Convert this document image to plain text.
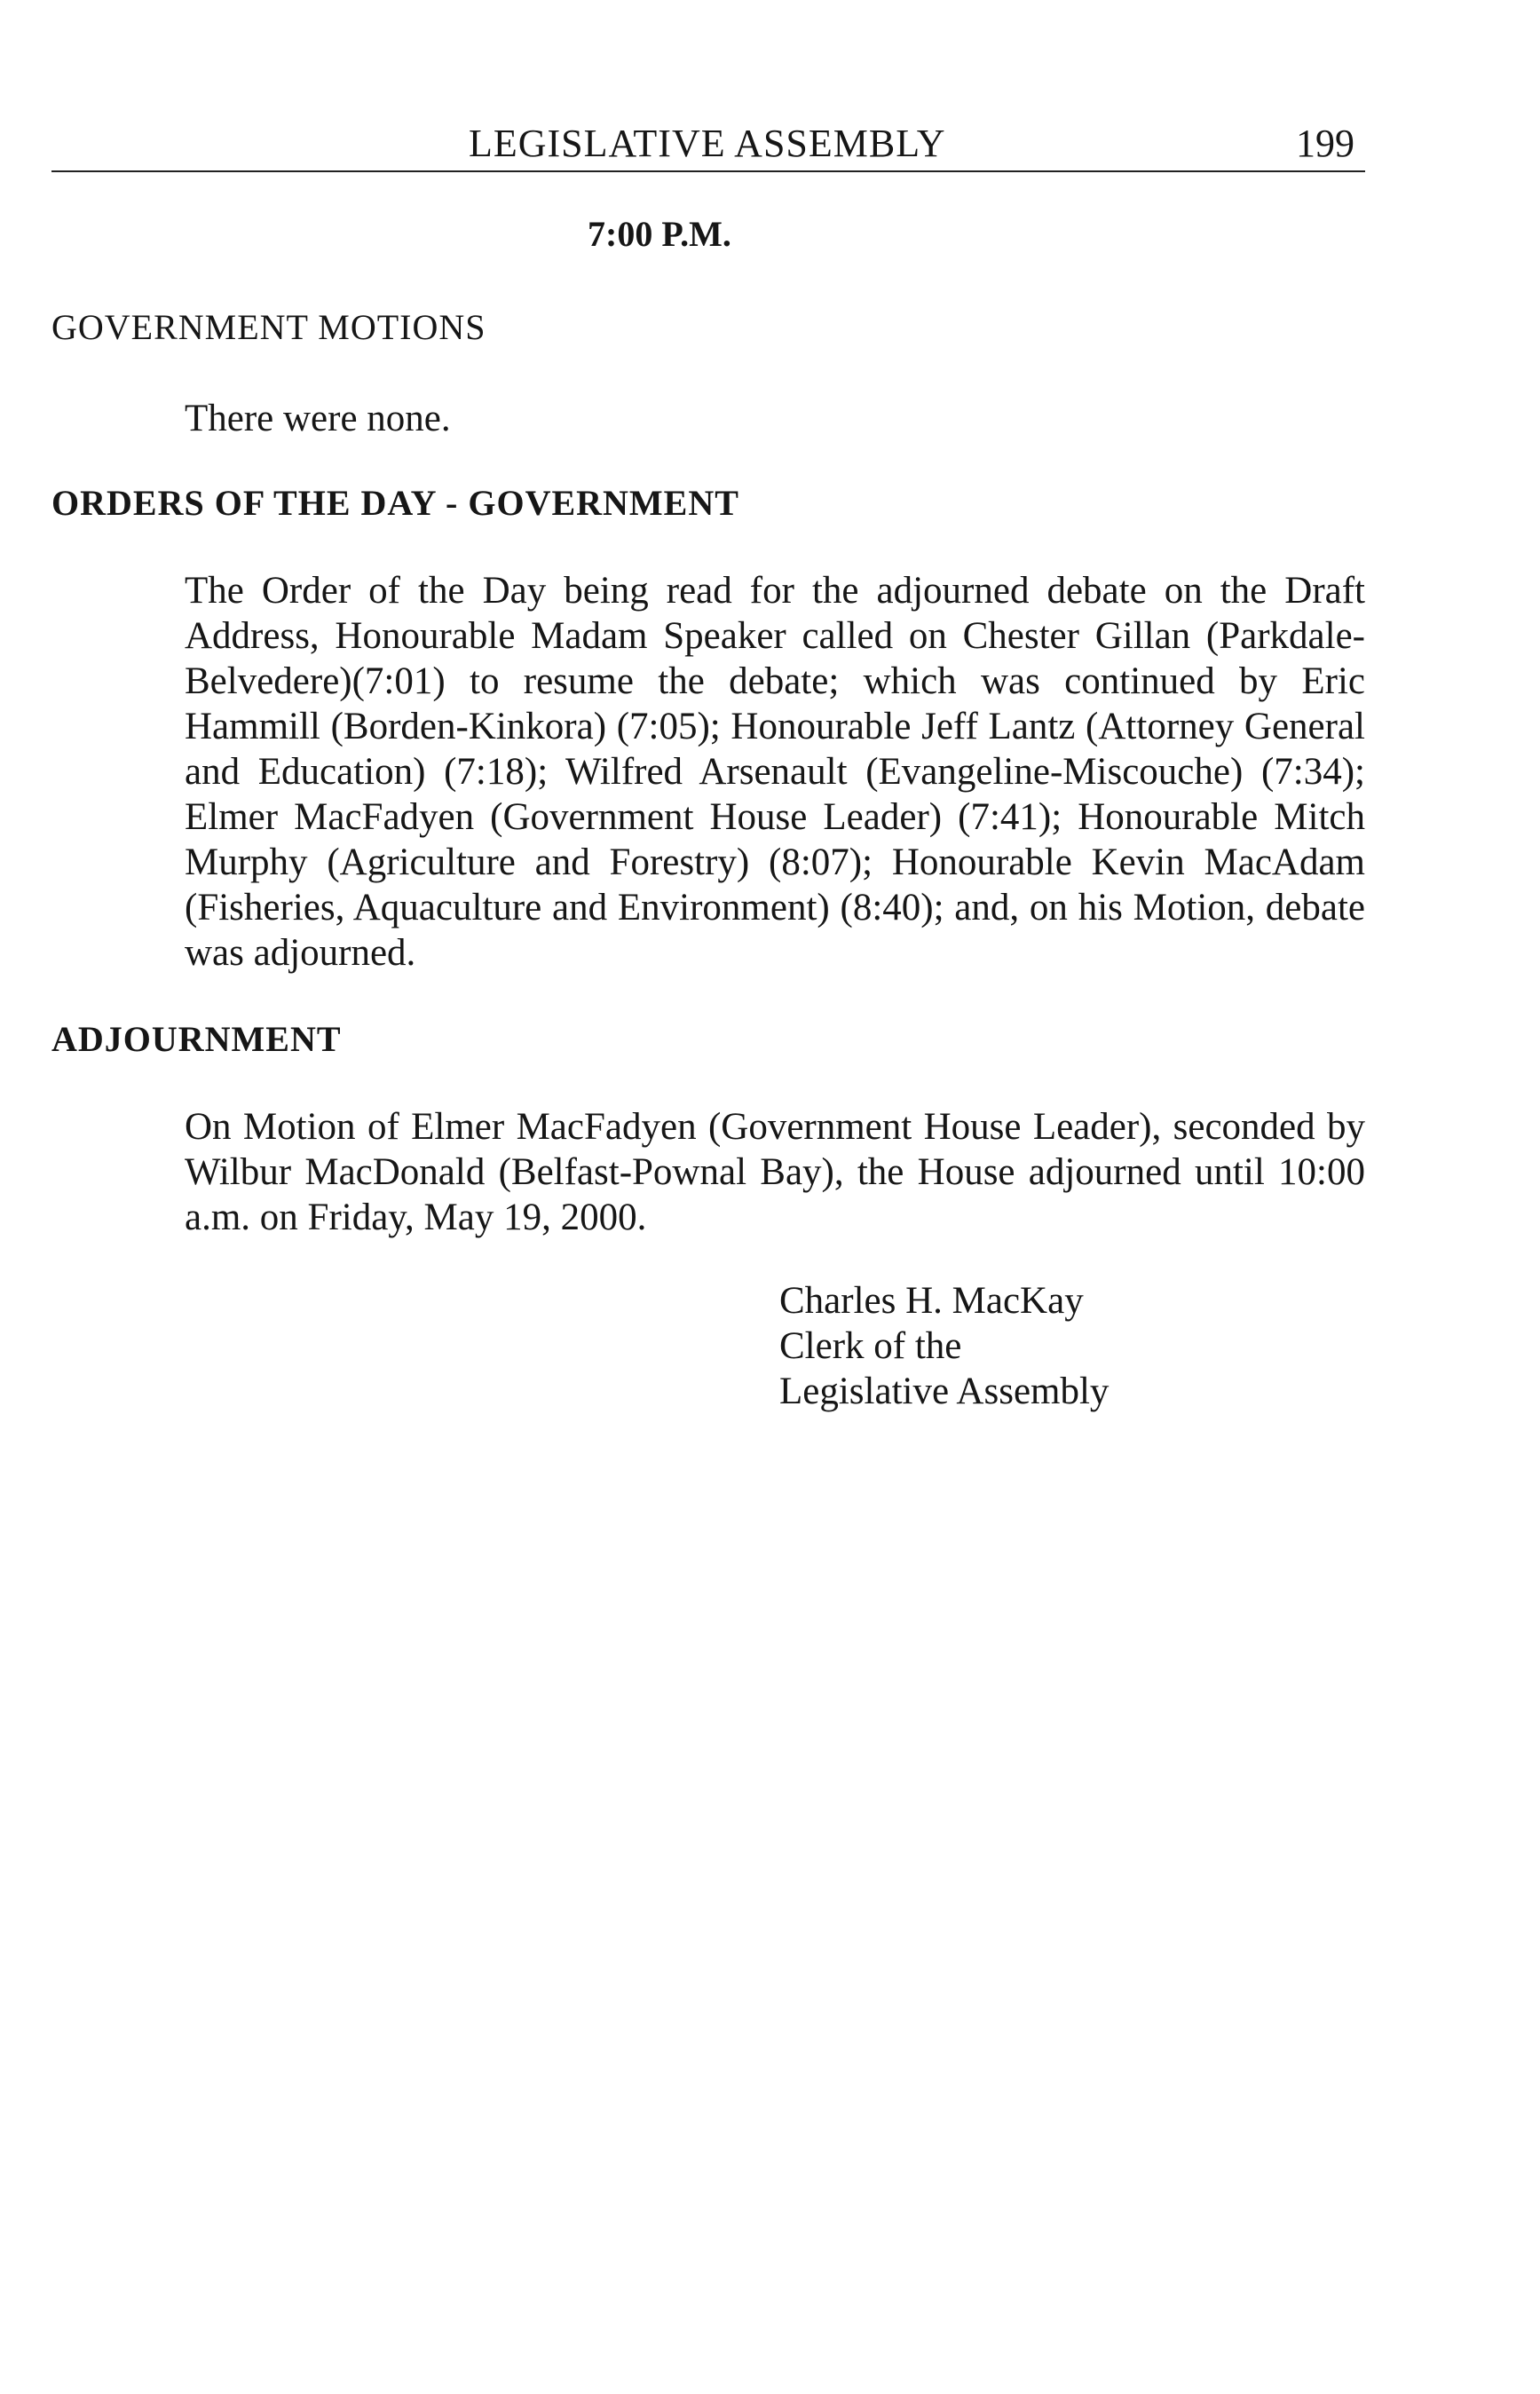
LEGISLATIVE ASSEMBLY	199
7:00 P.M.
GOVERNMENT MOTIONS
There were none.
ORDERS OF THE DAY - GOVERNMENT
The Order of the Day being read for the adjourned debate on the Draft Address, Honourable Madam Speaker called on Chester Gillan (Parkdale-Belvedere)(7:01) to resume the debate; which was continued by Eric Hammill (Borden-Kinkora) (7:05); Honourable Jeff Lantz (Attorney General and Education) (7:18); Wilfred Arsenault (Evangeline-Miscouche) (7:34); Elmer MacFadyen (Government House Leader) (7:41); Honourable Mitch Murphy (Agriculture and Forestry) (8:07); Honourable Kevin MacAdam (Fisheries, Aquaculture and Environment) (8:40); and, on his Motion, debate was adjourned.
ADJOURNMENT
On Motion of Elmer MacFadyen (Government House Leader), seconded by Wilbur MacDonald (Belfast-Pownal Bay), the House adjourned until 10:00 a.m. on Friday, May 19, 2000.
Charles H. MacKay
Clerk of the
Legislative Assembly
